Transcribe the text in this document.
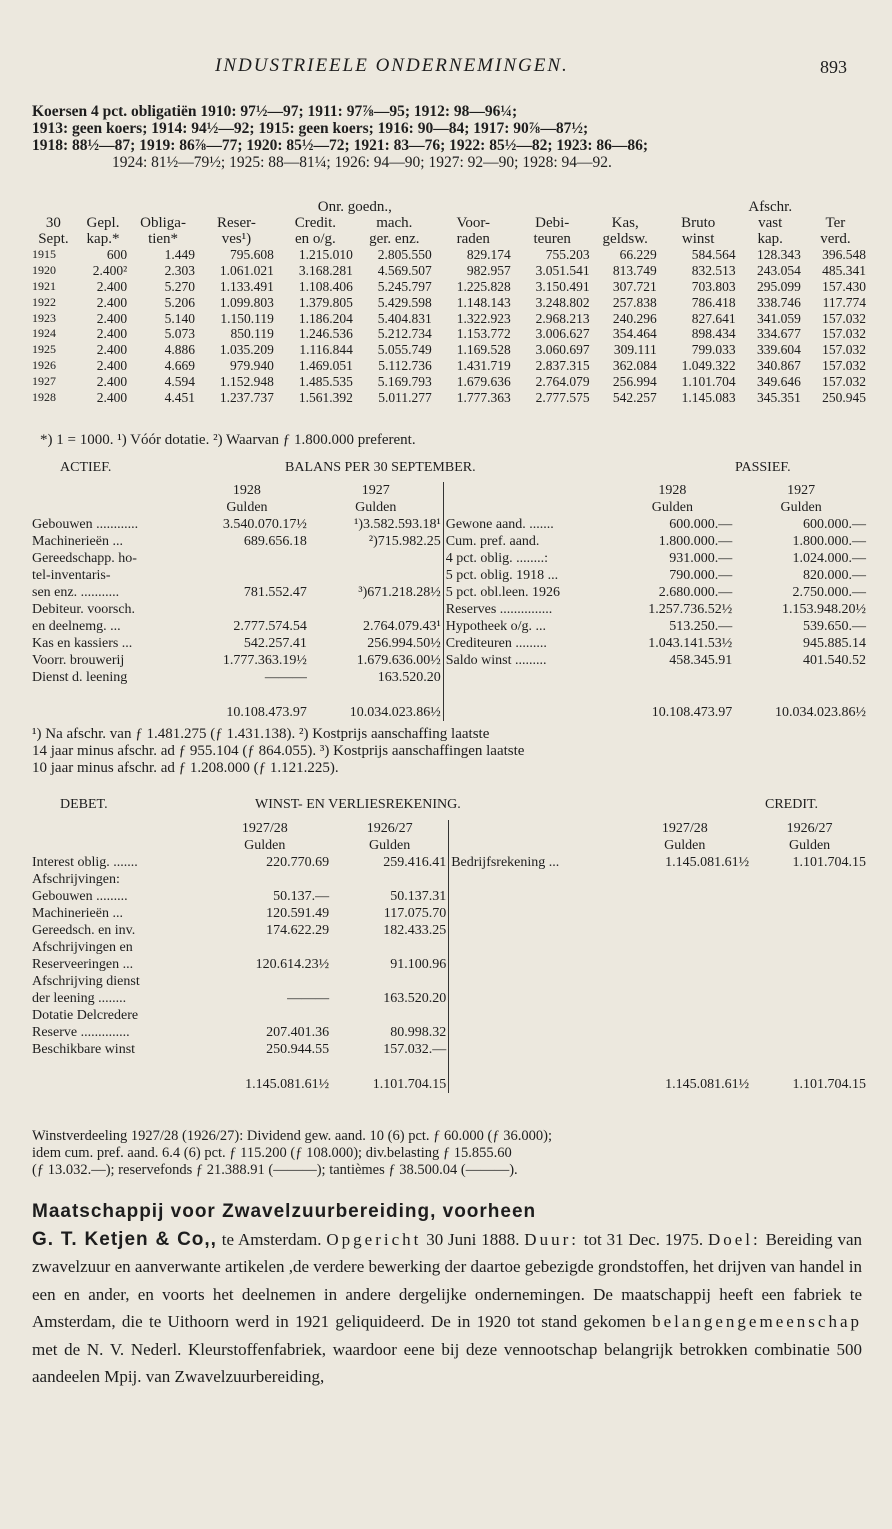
INDUSTRIEELE ONDERNEMINGEN.	893
Koersen 4 pct. obligatiën 1910: 97½—97; 1911: 97⅞—95; 1912: 98—96¼;
1913: geen koers; 1914: 94½—92; 1915: geen koers; 1916: 90—84; 1917: 90⅞—87½;
1918: 88½—87; 1919: 86⅞—77; 1920: 85½—72; 1921: 83—76; 1922: 85½—82; 1923: 86—86;
1924: 81½—79½; 1925: 88—81¼; 1926: 94—90; 1927: 92—90; 1928: 94—92.
				Onr. goedn.,						Afschr.	
30	Gepl.	Obliga-	Reser-	Credit.	mach.	Voor-	Debi-	Kas,	Bruto	vast	Ter
Sept.	kap.*	tien*	ves¹)	en o/g.	ger. enz.	raden	teuren	geldsw.	winst	kap.	verd.
1915	600	1.449	795.608	1.215.010	2.805.550	829.174	755.203	66.229	584.564	128.343	396.548
1920	2.400²	2.303	1.061.021	3.168.281	4.569.507	982.957	3.051.541	813.749	832.513	243.054	485.341
1921	2.400	5.270	1.133.491	1.108.406	5.245.797	1.225.828	3.150.491	307.721	703.803	295.099	157.430
1922	2.400	5.206	1.099.803	1.379.805	5.429.598	1.148.143	3.248.802	257.838	786.418	338.746	117.774
1923	2.400	5.140	1.150.119	1.186.204	5.404.831	1.322.923	2.968.213	240.296	827.641	341.059	157.032
1924	2.400	5.073	850.119	1.246.536	5.212.734	1.153.772	3.006.627	354.464	898.434	334.677	157.032
1925	2.400	4.886	1.035.209	1.116.844	5.055.749	1.169.528	3.060.697	309.111	799.033	339.604	157.032
1926	2.400	4.669	979.940	1.469.051	5.112.736	1.431.719	2.837.315	362.084	1.049.322	340.867	157.032
1927	2.400	4.594	1.152.948	1.485.535	5.169.793	1.679.636	2.764.079	256.994	1.101.704	349.646	157.032
1928	2.400	4.451	1.237.737	1.561.392	5.011.277	1.777.363	2.777.575	542.257	1.145.083	345.351	250.945
*) 1 = 1000. ¹) Vóór dotatie. ²) Waarvan ƒ 1.800.000 preferent.
ACTIEF.	BALANS PER 30 SEPTEMBER.	PASSIEF.
	1928	1927		1928	1927
	Gulden	Gulden		Gulden	Gulden
Gebouwen ............	3.540.070.17½	¹)3.582.593.18¹	Gewone aand. .......	600.000.—	600.000.—
Machinerieën ...	689.656.18	²)715.982.25	Cum. pref. aand.	1.800.000.—	1.800.000.—
Gereedschapp. ho-			4 pct. oblig. ........:	931.000.—	1.024.000.—
tel-inventaris-			5 pct. oblig. 1918 ...	790.000.—	820.000.—
sen enz. ...........	781.552.47	³)671.218.28½	5 pct. obl.leen. 1926	2.680.000.—	2.750.000.—
Debiteur. voorsch.			Reserves ...............	1.257.736.52½	1.153.948.20½
en deelnemg. ...	2.777.574.54	2.764.079.43¹	Hypotheek o/g. ...	513.250.—	539.650.—
Kas en kassiers ...	542.257.41	256.994.50½	Crediteuren .........	1.043.141.53½	945.885.14
Voorr. brouwerij	1.777.363.19½	1.679.636.00½	Saldo winst .........	458.345.91	401.540.52
Dienst d. leening	———	163.520.20			
	10.108.473.97	10.034.023.86½		10.108.473.97	10.034.023.86½
¹) Na afschr. van ƒ 1.481.275 (ƒ 1.431.138). ²) Kostprijs aanschaffing laatste
14 jaar minus afschr. ad ƒ 955.104 (ƒ 864.055). ³) Kostprijs aanschaffingen laatste
10 jaar minus afschr. ad ƒ 1.208.000 (ƒ 1.121.225).
DEBET.	WINST- EN VERLIESREKENING.	CREDIT.
	1927/28	1926/27		1927/28	1926/27
	Gulden	Gulden		Gulden	Gulden
Interest oblig. .......	220.770.69	259.416.41	Bedrijfsrekening ...	1.145.081.61½	1.101.704.15
Afschrijvingen:					
Gebouwen .........	50.137.—	50.137.31			
Machinerieën ...	120.591.49	117.075.70			
Gereedsch. en inv.	174.622.29	182.433.25			
Afschrijvingen en					
Reserveeringen ...	120.614.23½	91.100.96			
Afschrijving dienst					
der leening ........	———	163.520.20			
Dotatie Delcredere					
Reserve ..............	207.401.36	80.998.32			
Beschikbare winst	250.944.55	157.032.—			
	1.145.081.61½	1.101.704.15		1.145.081.61½	1.101.704.15
Winstverdeeling 1927/28 (1926/27): Dividend gew. aand. 10 (6) pct. ƒ 60.000 (ƒ 36.000);
idem cum. pref. aand. 6.4 (6) pct. ƒ 115.200 (ƒ 108.000); div.belasting ƒ 15.855.60
(ƒ 13.032.—); reservefonds ƒ 21.388.91 (———); tantièmes ƒ 38.500.04 (———).
Maatschappij voor Zwavelzuurbereiding, voorheen
G. T. Ketjen & Co,, te Amsterdam. Opgericht 30 Juni 1888. Duur: tot 31 Dec. 1975. Doel: Bereiding van zwavelzuur en aanverwante artikelen ,de verdere bewerking der daartoe gebezigde grondstoffen, het drijven van handel in een en ander, en voorts het deelnemen in andere dergelijke ondernemingen. De maatschappij heeft een fabriek te Amsterdam, die te Uithoorn werd in 1921 geliquideerd. De in 1920 tot stand gekomen belangengemeenschap met de N. V. Nederl. Kleurstoffenfabriek, waardoor eene bij deze vennootschap belangrijk betrokken combinatie 500 aandeelen Mpij. van Zwavelzuurbereiding,
